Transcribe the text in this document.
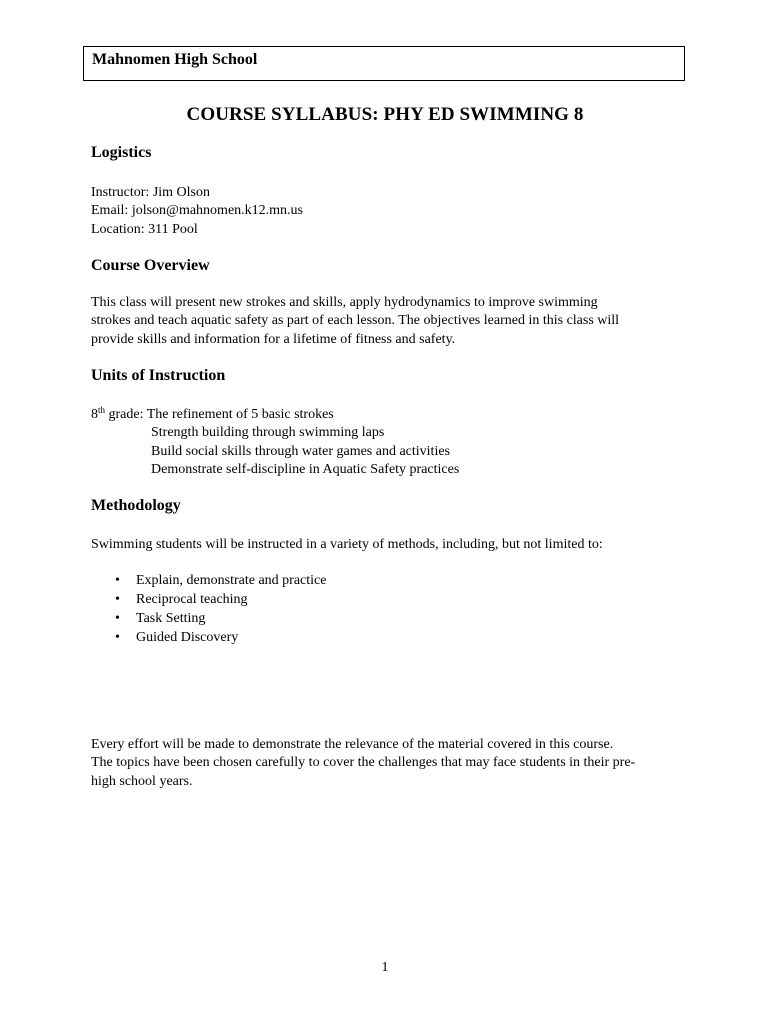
Mahnomen High School
COURSE SYLLABUS: PHY ED SWIMMING 8
Logistics
Instructor: Jim Olson
Email: jolson@mahnomen.k12.mn.us
Location: 311 Pool
Course Overview
This class will present new strokes and skills, apply hydrodynamics to improve swimming
strokes and teach aquatic safety as part of each lesson. The objectives learned in this class will
provide skills and information for a lifetime of fitness and safety.
Units of Instruction
8th grade: The refinement of 5 basic strokes
Strength building through swimming laps
Build social skills through water games and activities
Demonstrate self-discipline in Aquatic Safety practices
Methodology
Swimming students will be instructed in a variety of methods, including, but not limited to:
• Explain, demonstrate and practice
• Reciprocal teaching
• Task Setting
• Guided Discovery
Every effort will be made to demonstrate the relevance of the material covered in this course.
The topics have been chosen carefully to cover the challenges that may face students in their pre-
high school years.
1
